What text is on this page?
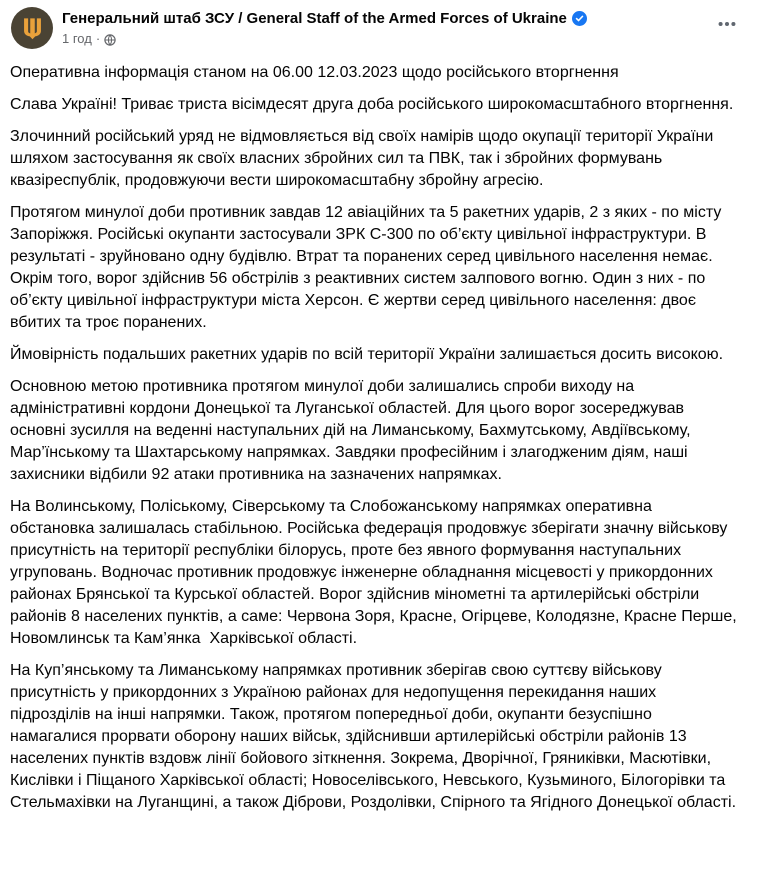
Генеральний штаб ЗСУ / General Staff of the Armed Forces of Ukraine
1 год ·

Оперативна інформація станом на 06.00 12.03.2023 щодо російського вторгнення

Слава Україні! Триває триста вісімдесят друга доба російського широкомасштабного вторгнення.

Злочинний російський уряд не відмовляється від своїх намірів щодо окупації території України шляхом застосування як своїх власних збройних сил та ПВК, так і збройних формувань квазіреспублік, продовжуючи вести широкомасштабну збройну агресію.

Протягом минулої доби противник завдав 12 авіаційних та 5 ракетних ударів, 2 з яких - по місту Запоріжжя. Російські окупанти застосували ЗРК С-300 по об’єкту цивільної інфраструктури. В результаті - зруйновано одну будівлю. Втрат та поранених серед цивільного населення немає. Окрім того, ворог здійснив 56 обстрілів з реактивних систем залпового вогню. Один з них - по об’єкту цивільної інфраструктури міста Херсон. Є жертви серед цивільного населення: двоє вбитих та троє поранених.

Ймовірність подальших ракетних ударів по всій території України залишається досить високою.

Основною метою противника протягом минулої доби залишались спроби виходу на адміністративні кордони Донецької та Луганської областей. Для цього ворог зосереджував основні зусилля на веденні наступальних дій на Лиманському, Бахмутському, Авдіївському, Мар’їнському та Шахтарському напрямках. Завдяки професійним і злагодженим діям, наші захисники відбили 92 атаки противника на зазначених напрямках.

На Волинському, Поліському, Сіверському та Слобожанському напрямках оперативна обстановка залишалась стабільною. Російська федерація продовжує зберігати значну військову присутність на території республіки білорусь, проте без явного формування наступальних угруповань. Водночас противник продовжує інженерне обладнання місцевості у прикордонних районах Брянської та Курської областей. Ворог здійснив мінометні та артилерійські обстріли районів 8 населених пунктів, а саме: Червона Зоря, Красне, Огірцеве, Колодязне, Красне Перше, Новомлинськ та Кам’янка  Харківської області.

На Куп’янському та Лиманському напрямках противник зберігав свою суттєву військову присутність у прикордонних з Україною районах для недопущення перекидання наших підрозділів на інші напрямки. Також, протягом попередньої доби, окупанти безуспішно намагалися прорвати оборону наших військ, здійснивши артилерійські обстріли районів 13 населених пунктів вздовж лінії бойового зіткнення. Зокрема, Дворічної, Гряниківки, Масютівки, Кислівки і Піщаного Харківської області; Новоселівського, Невського, Кузьминого, Білогорівки та Стельмахівки на Луганщині, а також Діброви, Роздолівки, Спірного та Ягідного Донецької області.
